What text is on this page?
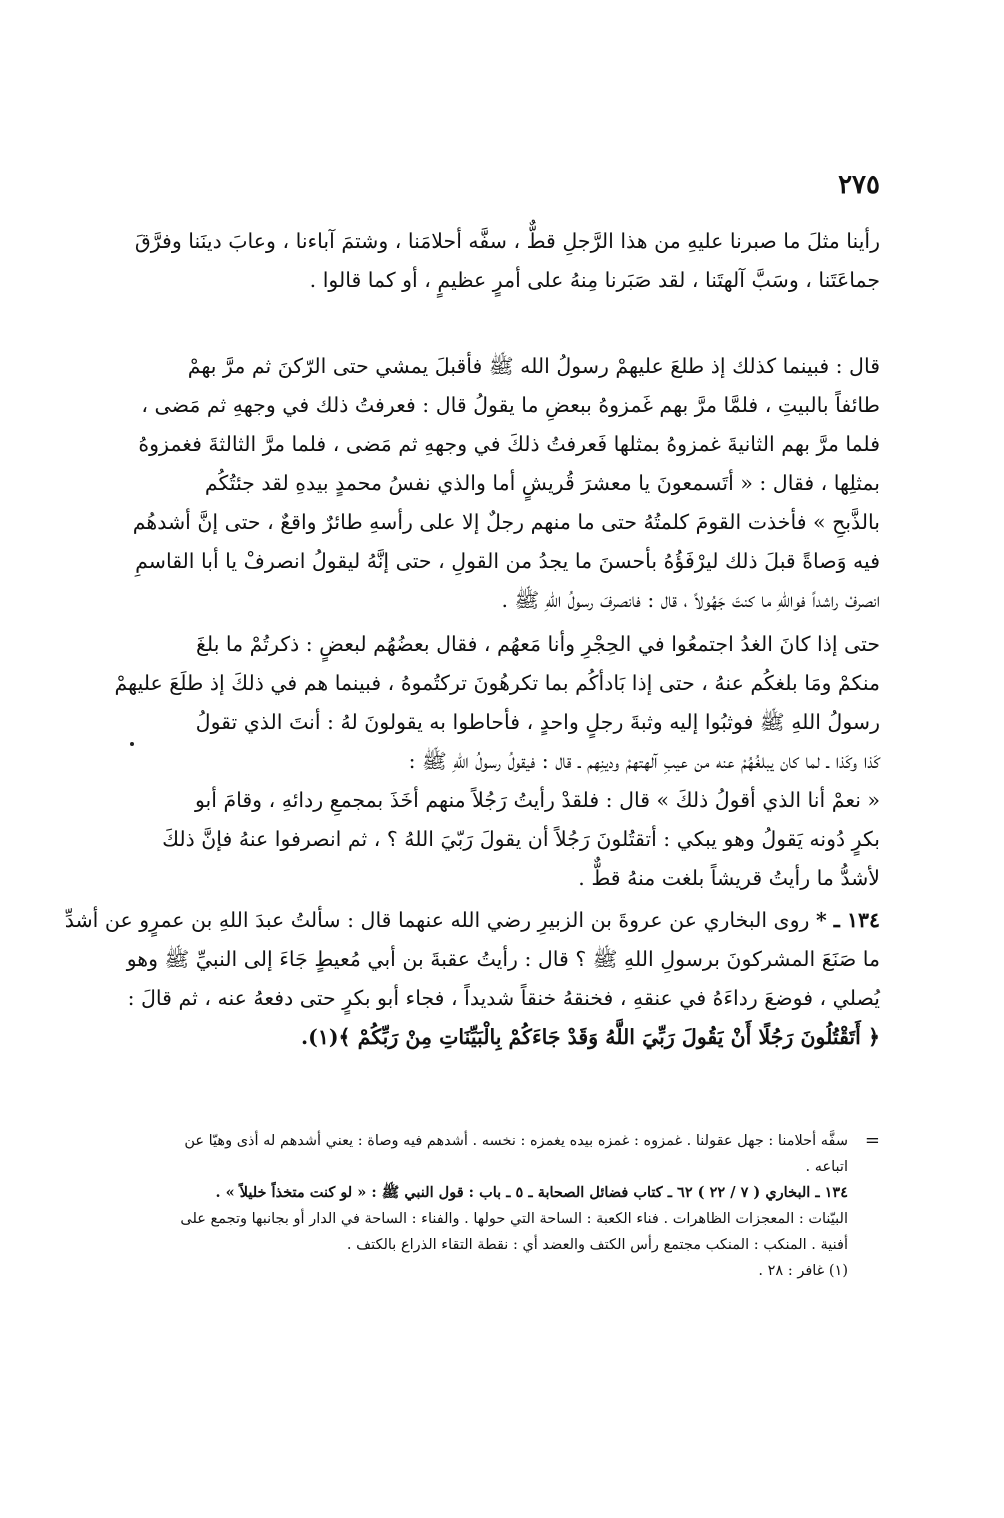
٢٧٥
رأينا مثلَ ما صبرنا عليهِ من هذا الرَّجلِ قطٌّ ، سفَّه أحلامَنا ، وشتمَ آباءنا ، وعابَ دينَنا وفرَّقَ
جماعَتَنا ، وسَبَّ آلهتَنا ، لقد صَبَرنا مِنهُ على أمرٍ عظيمٍ ، أو كما قالوا .
قال : فبينما كذلك إذ طلعَ عليهمْ رسولُ الله ﷺ فأقبلَ يمشي حتى الرّكنَ ثم مرَّ بهمْ
طائفاً بالبيتِ ، فلمَّا مرَّ بهم غَمزوهُ ببعضِ ما يقولُ قال : فعرفتُ ذلك في وجههِ ثم مَضى ،
فلما مرَّ بهم الثانيةَ غمزوهُ بمثلها فَعرفتُ ذلكَ في وجههِ ثم مَضى ، فلما مرَّ الثالثةَ فغمزوهُ
بمثلِها ، فقال : « أتَسمعونَ يا معشرَ قُريشٍ أما والذي نفسُ محمدٍ بيدهِ لقد جئتُكُم
بالذَّبحِ » فأخذت القومَ كلمتُهُ حتى ما منهم رجلٌ إلا على رأسهِ طائرٌ واقعٌ ، حتى إنَّ أشدهُم
فيه وَصاةً قبلَ ذلك ليرْفَؤُهُ بأحسنَ ما يجدُ من القولِ ، حتى إنَّهُ ليقولُ انصرفْ يا أبا القاسمِ
انصرفْ راشداً فواللهِ ما كنتَ جَهُولاً ، قال : فانصرفَ رسولُ اللهِ ﷺ .
حتى إذا كانَ الغدُ اجتمعُوا في الحِجْرِ وأنا مَعهُم ، فقال بعضُهُم لبعضٍ : ذكرتُمْ ما بلغَ
منكمْ ومَا بلغكُم عنهُ ، حتى إذا بَادأكُم بما تكرهُونَ تركتُموهُ ، فبينما هم في ذلكَ إذ طلَعَ عليهمْ
رسولُ اللهِ ﷺ فوثبُوا إليه وثبةَ رجلٍ واحدٍ ، فأحاطوا به يقولونَ لهُ : أنتَ الذي تقولُ
كَذا وكَذا ـ لما كان يبلغُهُمْ عنه من عيبِ آلهتهمْ ودينِهم ـ قال : فيقولُ رسولُ اللهِ ﷺ :
« نعمْ أنا الذي أقولُ ذلكَ » قال : فلقدْ رأيتُ رَجُلاً منهم أخَذَ بمجمعِ ردائهِ ، وقامَ أبو
بكرٍ دُونه يَقولُ وهو يبكي : أتقتُلونَ رَجُلاً أن يقولَ رَبّيَ اللهُ ؟ ، ثم انصرفوا عنهُ فإنَّ ذلكَ
لأشدُّ ما رأيتُ قريشاً بلغت منهُ قطٌّ .
١٣٤ ـ * روى البخاري عن عروةَ بن الزبيرِ رضي الله عنهما قال : سألتُ عبدَ اللهِ بن عمرٍو عن أشدِّ
ما صَنَعَ المشركونَ برسولِ اللهِ ﷺ ؟ قال : رأيتُ عقبةَ بن أبي مُعيطٍ جَاءَ إلى النبيِّ ﷺ وهو
يُصلي ، فوضعَ رداءَهُ في عنقهِ ، فخنقهُ خنقاً شديداً ، فجاء أبو بكرٍ حتى دفعهُ عنه ، ثم قالَ :
﴿ أَتَقْتُلُونَ رَجُلًا أَنْ يَقُولَ رَبِّيَ اللَّهُ وَقَدْ جَاءَكُمْ بِالْبَيِّنَاتِ مِنْ رَبِّكُمْ ﴾(١).
=
سفَّه أحلامنا : جهل عقولنا . غمزوه : غمزه بيده يغمزه : نخسه . أشدهم فيه وصاة : يعني أشدهم له أذى وهيّا عن
اتباعه .
١٣٤ ـ البخاري ( ٧ / ٢٢ ) ٦٢ ـ كتاب فضائل الصحابة ـ ٥ ـ باب : قول النبي ﷺ : « لو كنت متخذاً خليلاً » .
البيّنات : المعجزات الظاهرات . فناء الكعبة : الساحة التي حولها . والفناء : الساحة في الدار أو بجانبها وتجمع على
أفنية . المنكب : المنكب مجتمع رأس الكتف والعضد أي : نقطة التقاء الذراع بالكتف .
(١) غافر : ٢٨ .
